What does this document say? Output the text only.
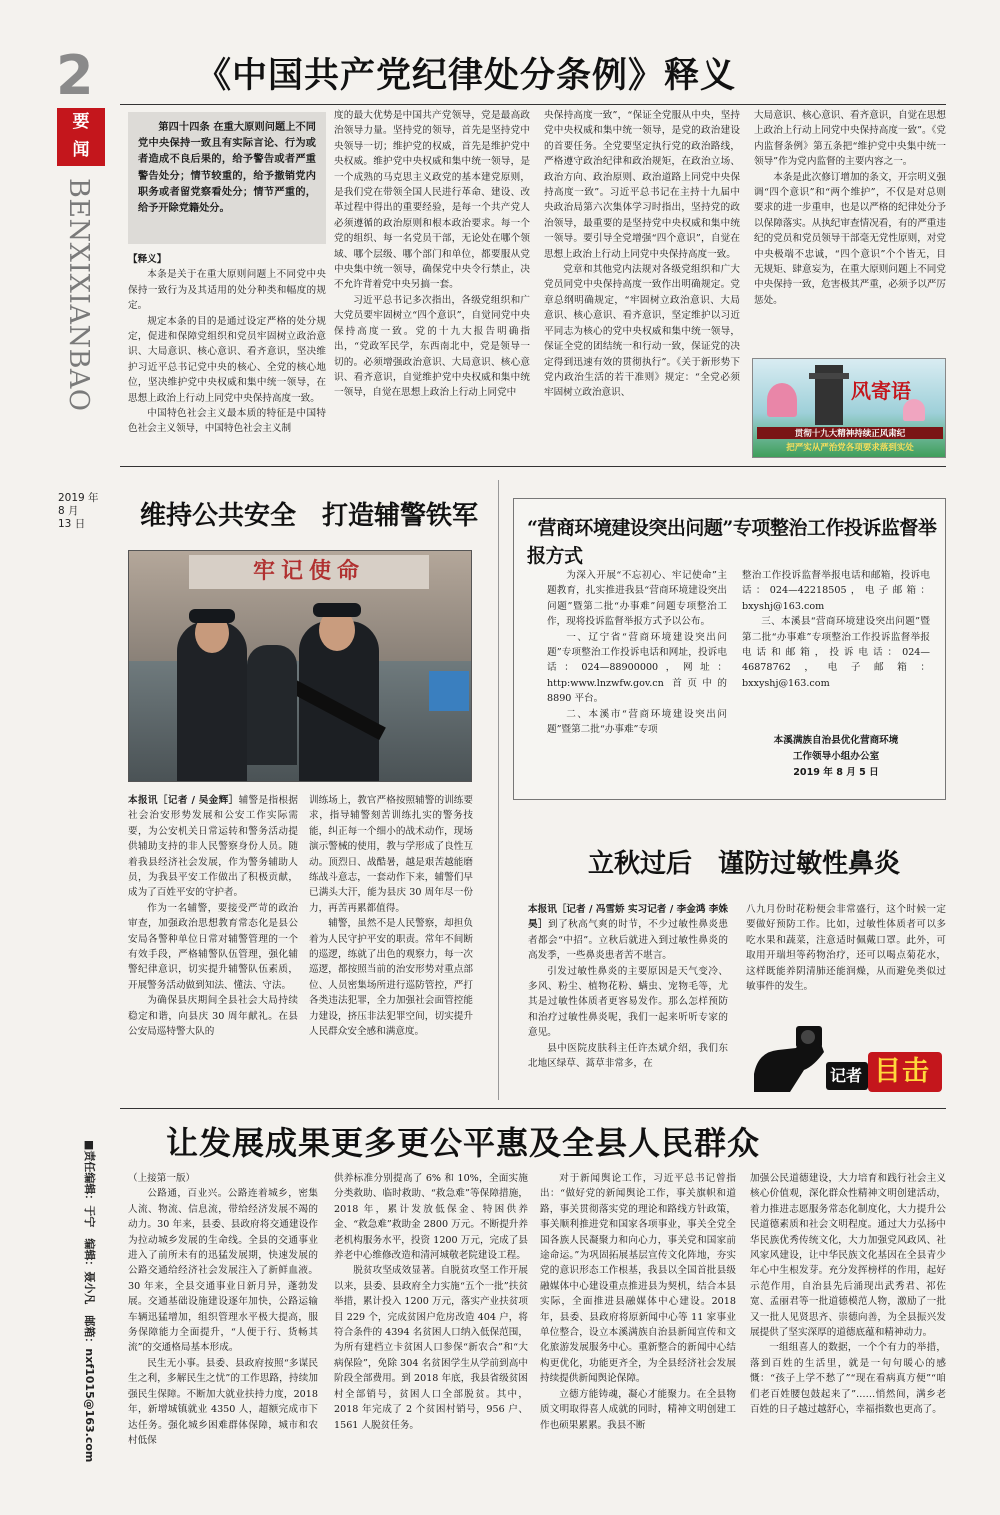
2	《中国共产党纪律处分条例》释义
要
闻
BENXIXIANBAO
2019 年
8 月
13 日
第四十四条 在重大原则问题上不同党中央保持一致且有实际言论、行为或者造成不良后果的，给予警告或者严重警告处分；情节较重的，给予撤销党内职务或者留党察看处分；情节严重的，给予开除党籍处分。
【释义】

本条是关于在重大原则问题上不同党中央保持一致行为及其适用的处分种类和幅度的规定。

规定本条的目的是通过设定严格的处分规定，促进和保障党组织和党员牢固树立政治意识、大局意识、核心意识、看齐意识，坚决维护习近平总书记党中央的核心、全党的核心地位，坚决维护党中央权威和集中统一领导，在思想上政治上行动上同党中央保持高度一致。

中国特色社会主义最本质的特征是中国特色社会主义领导，中国特色社会主义制

度的最大优势是中国共产党领导，党是最高政治领导力量。坚持党的领导，首先是坚持党中央领导一切；维护党的权威，首先是维护党中央权威。维护党中央权威和集中统一领导，是一个成熟的马克思主义政党的基本建党原则，是我们党在带领全国人民进行革命、建设、改革过程中得出的重要经验，是每一个共产党人必须遵循的政治原则和根本政治要求。每一个党的组织、每一名党员干部，无论处在哪个领域、哪个层级、哪个部门和单位，都要服从党中央集中统一领导，确保党中央令行禁止，决不允许背着党中央另搞一套。

习近平总书记多次指出，各级党组织和广大党员要牢固树立“四个意识”，自觉同党中央保持高度一致。党的十九大报告明确指出，“党政军民学，东西南北中，党是领导一切的。必须增强政治意识、大局意识、核心意识、看齐意识，自觉维护党中央权威和集中统一领导，自觉在思想上政治上行动上同党中

央保持高度一致”，“保证全党服从中央，坚持党中央权威和集中统一领导，是党的政治建设的首要任务。全党要坚定执行党的政治路线，严格遵守政治纪律和政治规矩，在政治立场、政治方向、政治原则、政治道路上同党中央保持高度一致”。习近平总书记在主持十九届中央政治局第六次集体学习时指出，坚持党的政治领导，最重要的是坚持党中央权威和集中统一领导。要引导全党增强“四个意识”，自觉在思想上政治上行动上同党中央保持高度一致。

党章和其他党内法规对各级党组织和广大党员同党中央保持高度一致作出明确规定。党章总纲明确规定，“牢固树立政治意识、大局意识、核心意识、看齐意识，坚定维护以习近平同志为核心的党中央权威和集中统一领导，保证全党的团结统一和行动一致，保证党的决定得到迅速有效的贯彻执行”。《关于新形势下党内政治生活的若干准则》规定：“全党必须牢固树立政治意识、

大局意识、核心意识、看齐意识，自觉在思想上政治上行动上同党中央保持高度一致”。《党内监督条例》第五条把“维护党中央集中统一领导”作为党内监督的主要内容之一。

本条是此次修订增加的条文，开宗明义强调“四个意识”和“两个维护”，不仅是对总则要求的进一步重申，也是以严格的纪律处分予以保障落实。从执纪审查情况看，有的严重违纪的党员和党员领导干部毫无党性原则，对党中央极端不忠诚，“四个意识”个个皆无，目无规矩、肆意妄为，在重大原则问题上不同党中央保持一致，危害极其严重，必须予以严厉惩处。

风寄语
贯彻十九大精神持续正风肃纪
把严实从严治党各项要求落到实处
维持公共安全　打造辅警铁军
牢记使命
本报讯［记者 / 吴金辉］辅警是指根据社会治安形势发展和公安工作实际需要，为公安机关日常运转和警务活动提供辅助支持的非人民警察身份人员。随着我县经济社会发展，作为警务辅助人员，为我县平安工作做出了积极贡献，成为了百姓平安的守护者。

作为一名辅警，要接受严苛的政治审查，加强政治思想教育常态化是县公安局各警种单位日常对辅警管理的一个有效手段，严格辅警队伍管理，强化辅警纪律意识，切实提升辅警队伍素质，开展警务活动做到知法、懂法、守法。

为确保县庆期间全县社会大局持续稳定和谐，向县庆 30 周年献礼。在县公安局巡特警大队的

训练场上，教官严格按照辅警的训练要求，指导辅警刻苦训练扎实的警务技能，纠正每一个细小的战术动作，现场演示警械的使用，教与学形成了良性互动。顶烈日、战酷暑，越是艰苦越能磨练战斗意志，一套动作下来，辅警们早已满头大汗，能为县庆 30 周年尽一份力，再苦再累都值得。

辅警，虽然不是人民警察，却担负着为人民守护平安的职责。常年不间断的巡逻，练就了出色的观察力，每一次巡逻，都按照当前的治安形势对重点部位、人员密集场所进行巡防管控，严打各类违法犯罪，全力加强社会面管控能力建设，挤压非法犯罪空间，切实提升人民群众安全感和满意度。

“营商环境建设突出问题”专项整治工作投诉监督举报方式

为深入开展“不忘初心、牢记使命”主题教育，扎实推进我县“营商环境建设突出问题”暨第二批“办事难”问题专项整治工作，现将投诉监督举报方式予以公布。

一、辽宁省“营商环境建设突出问题”专项整治工作投诉电话和网址，投诉电话：024—88900000，网址：http:www.lnzwfw.gov.cn 首页中的 8890 平台。

二、本溪市“营商环境建设突出问题”暨第二批“办事难”专项

整治工作投诉监督举报电话和邮箱，投诉电话：024—42218505，电子邮箱：bxyshj@163.com

三、本溪县“营商环境建设突出问题”暨第二批“办事难”专项整治工作投诉监督举报电话和邮箱，投诉电话：024—46878762，电子邮箱：bxxyshj@163.com

本溪满族自治县优化营商环境
工作领导小组办公室
2019 年 8 月 5 日
立秋过后　谨防过敏性鼻炎
本报讯［记者 / 冯雪娇 实习记者 / 李金鸿 李姝昊］到了秋高气爽的时节，不少过敏性鼻炎患者都会“中招”。立秋后就进入到过敏性鼻炎的高发季，一些鼻炎患者苦不堪言。

引发过敏性鼻炎的主要原因是天气变冷、多风、粉尘、植物花粉、螨虫、宠物毛等，尤其是过敏性体质者更容易发作。那么怎样预防和治疗过敏性鼻炎呢，我们一起来听听专家的意见。

县中医院皮肤科主任许杰斌介绍，我们东北地区绿草、蒿草非常多，在

八九月份时花粉便会非常盛行，这个时候一定要做好预防工作。比如，过敏性体质者可以多吃水果和蔬菜，注意适时佩戴口罩。此外，可取用开瑞坦等药物治疗，还可以喝点菊花水，这样既能养阴清肺还能润燥，从而避免类似过敏事件的发生。
记者 目击
让发展成果更多更公平惠及全县人民群众
（上接第一版）

公路通，百业兴。公路连着城乡，密集人流、物流、信息流，带给经济发展不竭的动力。30 年来，县委、县政府将交通建设作为拉动城乡发展的生命线。全县的交通事业进入了前所未有的迅猛发展期，快速发展的公路交通给经济社会发展注入了新鲜血液。30 年来，全县交通事业日新月异，蓬勃发展。交通基础设施建设逐年加快，公路运输车辆迅猛增加，组织管理水平极大提高，服务保障能力全面提升，“人便于行、货畅其流”的交通格局基本形成。

民生无小事。县委、县政府按照“多谋民生之利，多解民生之忧”的工作思路，持续加强民生保障。不断加大就业扶持力度，2018 年，新增城镇就业 4350 人，超额完成市下达任务。强化城乡困难群体保障，城市和农村低保

供养标准分别提高了 6% 和 10%，全面实施分类救助、临时救助、“救急难”等保障措施，2018 年，累计发放低保金、特困供养金、“救急难”救助金 2800 万元。不断提升养老机构服务水平，投资 1200 万元，完成了县养老中心维修改造和清河城敬老院建设工程。

脱贫攻坚成效显著。自脱贫攻坚工作开展以来，县委、县政府全力实施“五个一批”扶贫举措，累计投入 1200 万元，落实产业扶贫项目 229 个，完成贫困户危房改造 404 户，将符合条件的 4394 名贫困人口纳入低保范围，为所有建档立卡贫困人口参保“新农合”和“大病保险”，免除 304 名贫困学生从学前到高中阶段全部费用。到 2018 年底，我县省级贫困村全部销号，贫困人口全部脱贫。其中，2018 年完成了 2 个贫困村销号，956 户、1561 人脱贫任务。

对于新闻舆论工作，习近平总书记曾指出：“做好党的新闻舆论工作，事关旗帜和道路，事关贯彻落实党的理论和路线方针政策，事关顺利推进党和国家各项事业，事关全党全国各族人民凝聚力和向心力，事关党和国家前途命运。”为巩固拓展基层宣传文化阵地，夯实党的意识形态工作根基，我县以全国首批县级融媒体中心建设重点推进县为契机，结合本县实际，全面推进县融媒体中心建设。2018 年，县委、县政府将原新闻中心等 11 家事业单位整合，设立本溪满族自治县新闻宣传和文化旅游发展服务中心。重新整合的新闻中心结构更优化，功能更齐全，为全县经济社会发展持续提供新闻舆论保障。

立德方能铸魂，凝心才能聚力。在全县物质文明取得喜人成就的同时，精神文明创建工作也硕果累累。我县不断

加强公民道德建设，大力培育和践行社会主义核心价值观，深化群众性精神文明创建活动，着力推进志愿服务常态化制度化，大力提升公民道德素质和社会文明程度。通过大力弘扬中华民族优秀传统文化，大力加强党风政风、社风家风建设，让中华民族文化基因在全县青少年心中生根发芽。充分发挥榜样的作用，起好示范作用，自治县先后涌现出武秀君、祁佐宽、孟丽君等一批道德模范人物，激励了一批又一批人见贤思齐、崇德向善，为全县振兴发展提供了坚实深厚的道德底蕴和精神动力。

一组组喜人的数据，一个个有力的举措，落到百姓的生活里，就是一句句暖心的感慨：“孩子上学不愁了”“现在看病真方便”“咱们老百姓腰包鼓起来了”……悄然间，满乡老百姓的日子越过越舒心，幸福指数也更高了。

■责任编辑：于宁　编辑：聂小凡　邮箱：nxf1015@163.com
